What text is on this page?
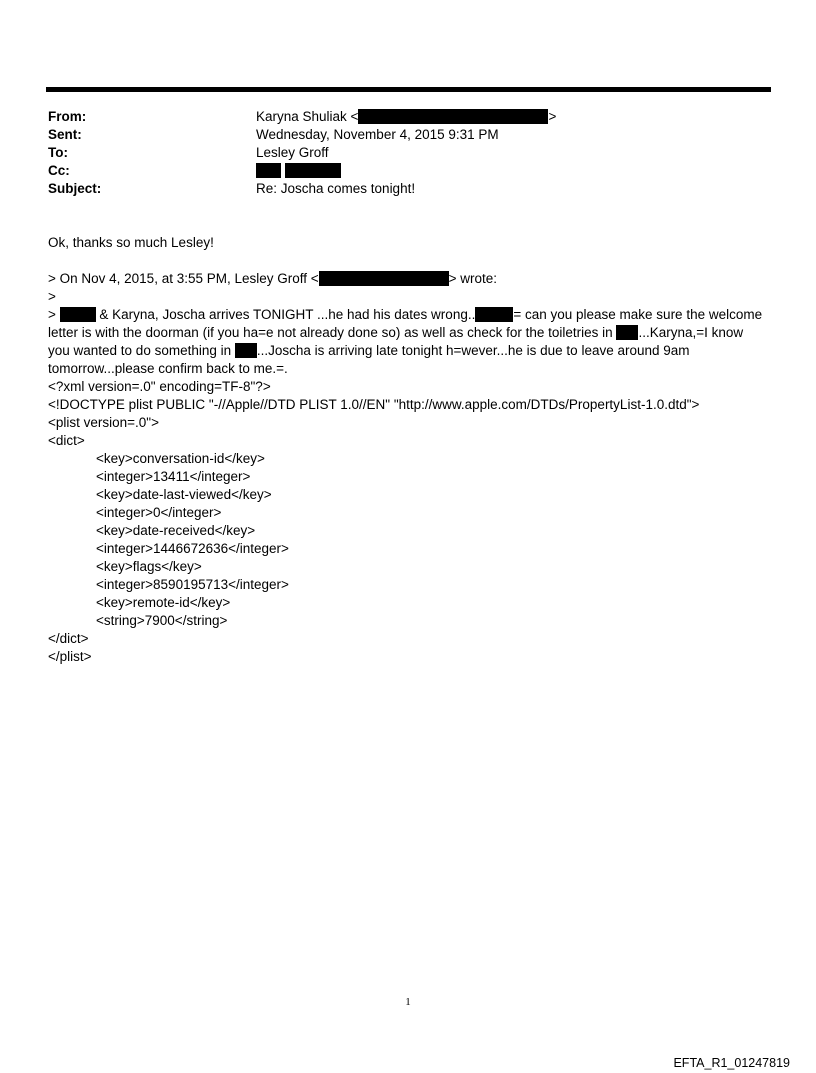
From:	Karyna Shuliak <	>
Sent:	Wednesday, November 4, 2015 9:31 PM
To:	Lesley Groff
Cc:

Subject:	Re: Joscha comes tonight!
Ok, thanks so much Lesley!
> On Nov 4, 2015, at 3:55 PM, Lesley Groff <	> wrote:
>
>	& Karyna, Joscha arrives TONIGHT ...he had his dates wrong..	= can you please make sure the welcome
letter is with the doorman (if you ha=e not already done so) as well as check for the toiletries in ...Karyna,=I know
you wanted to do something in ...Joscha is arriving late tonight h=wever...he is due to leave around 9am
tomorrow...please confirm back to me.=.
<?xml version=.0" encoding=TF-8"?>
<!DOCTYPE plist PUBLIC "-//Apple//DTD PLIST 1.0//EN" "http://www.apple.com/DTDs/PropertyList-1.0.dtd">
<plist version=.0">
<dict>
<key>conversation-id</key>
<integer>13411</integer>
<key>date-last-viewed</key>
<integer>0</integer>
<key>date-received</key>
<integer>1446672636</integer>
<key>flags</key>
<integer>8590195713</integer>
<key>remote-id</key>
<string>7900</string>
</dict>
</plist>
1
EFTA_R1_01247819
